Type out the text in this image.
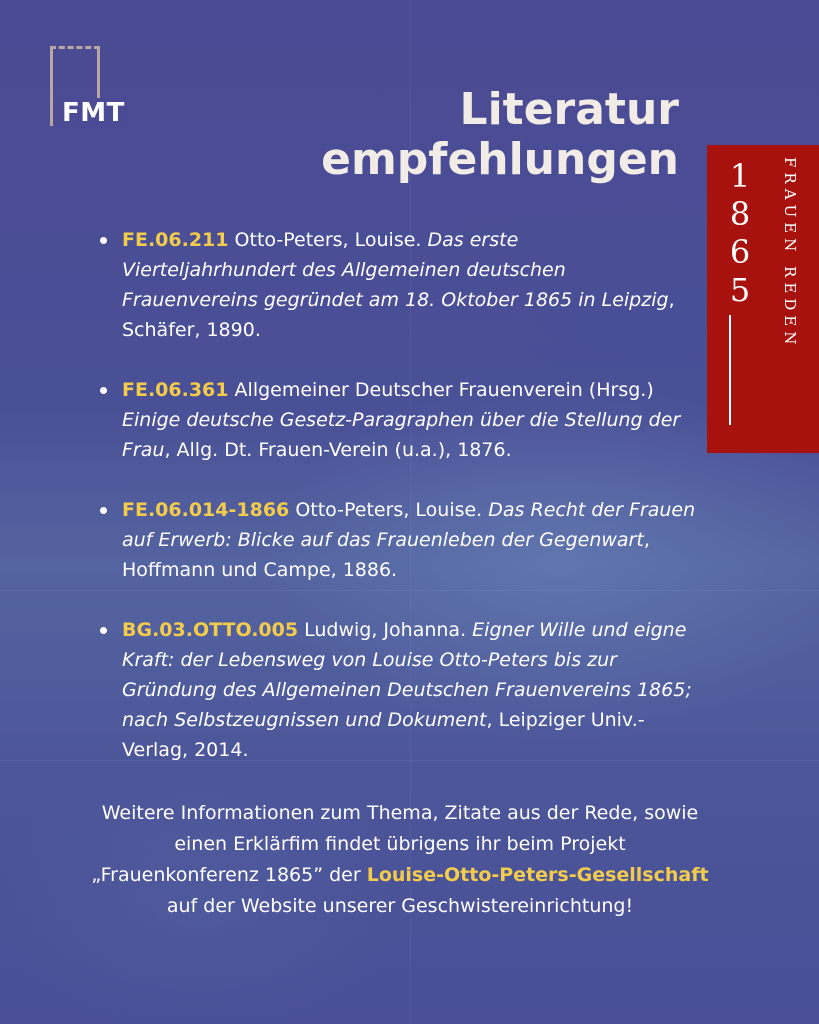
FMT	Literatur
empfehlungen 1
8
6
5	FRAUEN REDEN
FE.06.211 Otto-Peters, Louise. Das erste Vierteljahrhundert des Allgemeinen deutschen Frauenvereins gegründet am 18. Oktober 1865 in Leipzig, Schäfer, 1890.
FE.06.361 Allgemeiner Deutscher Frauenverein (Hrsg.) Einige deutsche Gesetz-Paragraphen über die Stellung der Frau, Allg. Dt. Frauen-Verein (u.a.), 1876.
FE.06.014-1866 Otto-Peters, Louise. Das Recht der Frauen auf Erwerb: Blicke auf das Frauenleben der Gegenwart, Hoffmann und Campe, 1886.
BG.03.OTTO.005 Ludwig, Johanna. Eigner Wille und eigne Kraft: der Lebensweg von Louise Otto-Peters bis zur Gründung des Allgemeinen Deutschen Frauenvereins 1865; nach Selbstzeugnissen und Dokument, Leipziger Univ.-Verlag, 2014.
Weitere Informationen zum Thema, Zitate aus der Rede, sowie einen Erklärfim findet übrigens ihr beim Projekt „Frauenkonferenz 1865” der Louise-Otto-Peters-Gesellschaft auf der Website unserer Geschwistereinrichtung!
